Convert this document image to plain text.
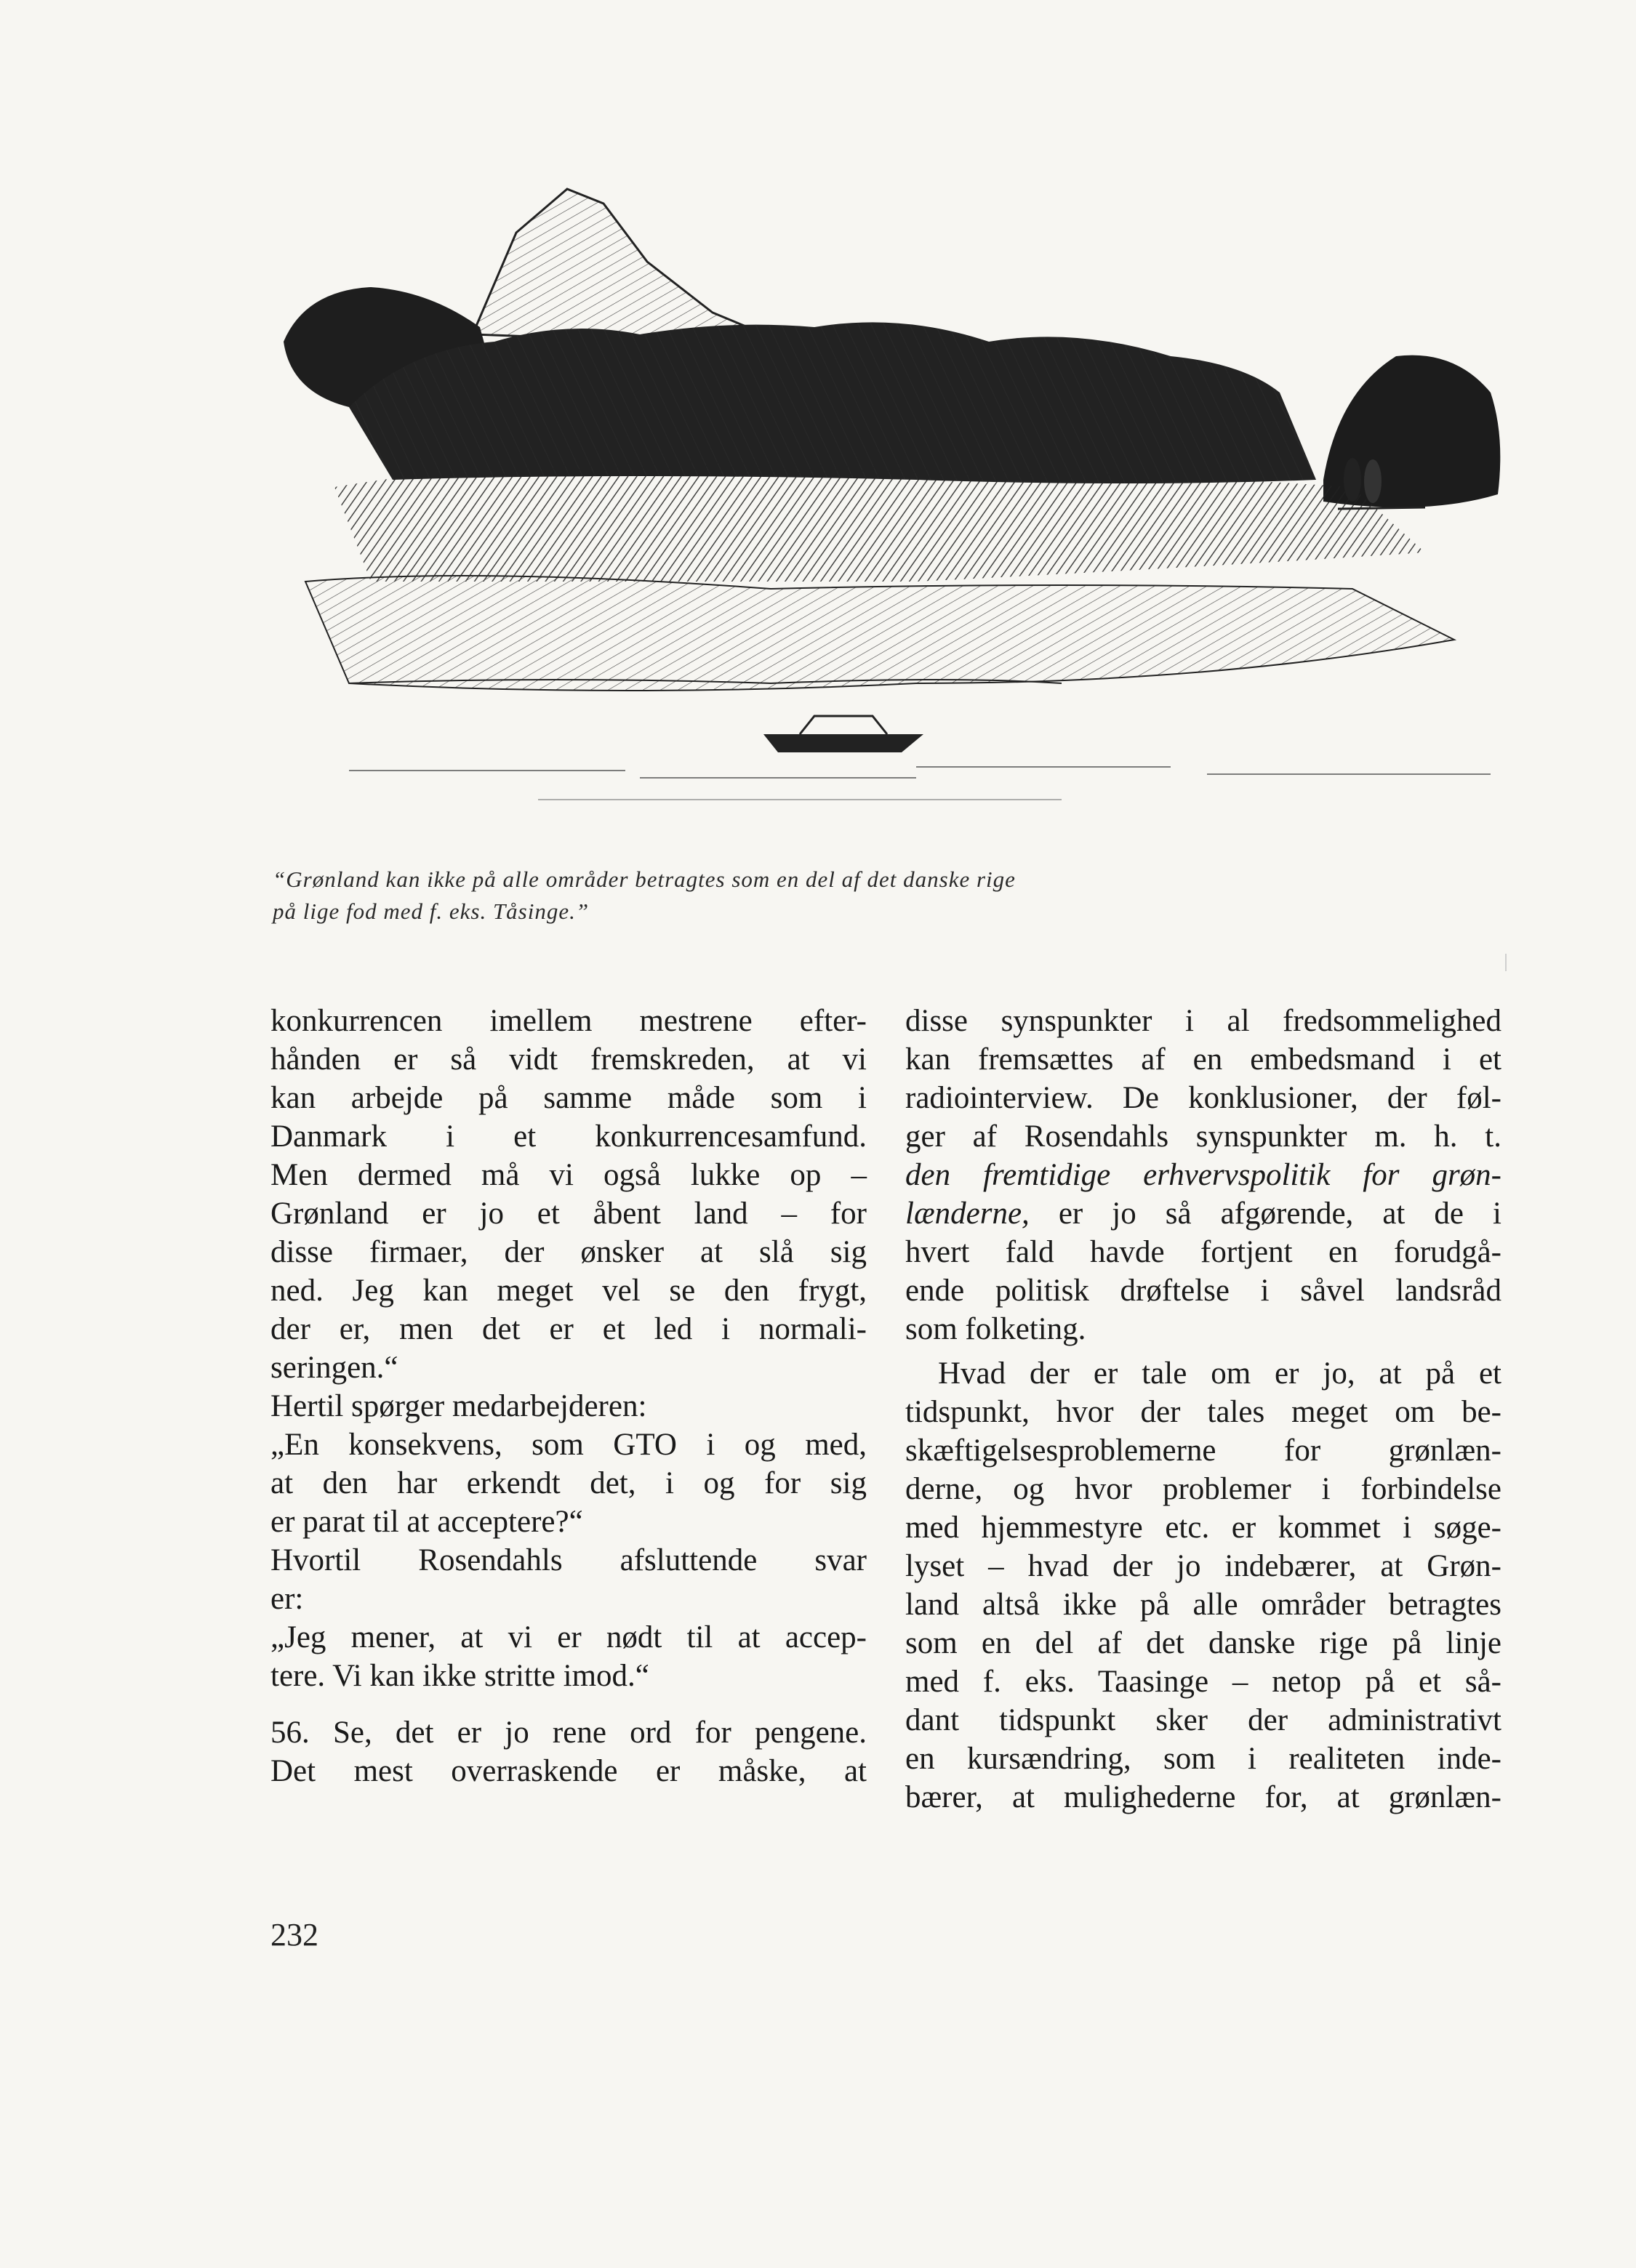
“Grønland kan ikke på alle områder betragtes som en del af det danske rige

på lige fod med f. eks. Tåsinge.”

konkurrencen imellem mestrene efter-
hånden er så vidt fremskreden, at vi
kan arbejde på samme måde som i
Danmark i et konkurrencesamfund.
Men dermed må vi også lukke op –
Grønland er jo et åbent land – for
disse firmaer, der ønsker at slå sig
ned. Jeg kan meget vel se den frygt,
der er, men det er et led i normali-
seringen.“
Hertil spørger medarbejderen:
„En konsekvens, som GTO i og med,
at den har erkendt det, i og for sig
er parat til at acceptere?“
Hvortil Rosendahls afsluttende svar
er:
„Jeg mener, at vi er nødt til at accep-
tere. Vi kan ikke stritte imod.“
56. Se, det er jo rene ord for pengene.
Det mest overraskende er måske, at
disse synspunkter i al fredsommelighed
kan fremsættes af en embedsmand i et
radiointerview. De konklusioner, der føl-
ger af Rosendahls synspunkter m. h. t.
den fremtidige erhvervspolitik for grøn-
lænderne, er jo så afgørende, at de i
hvert fald havde fortjent en forudgå-
ende politisk drøftelse i såvel landsråd
som folketing.
Hvad der er tale om er jo, at på et
tidspunkt, hvor der tales meget om be-
skæftigelsesproblemerne for grønlæn-
derne, og hvor problemer i forbindelse
med hjemmestyre etc. er kommet i søge-
lyset – hvad der jo indebærer, at Grøn-
land altså ikke på alle områder betragtes
som en del af det danske rige på linje
med f. eks. Taasinge – netop på et så-
dant tidspunkt sker der administrativt
en kursændring, som i realiteten inde-
bærer, at mulighederne for, at grønlæn-
232
